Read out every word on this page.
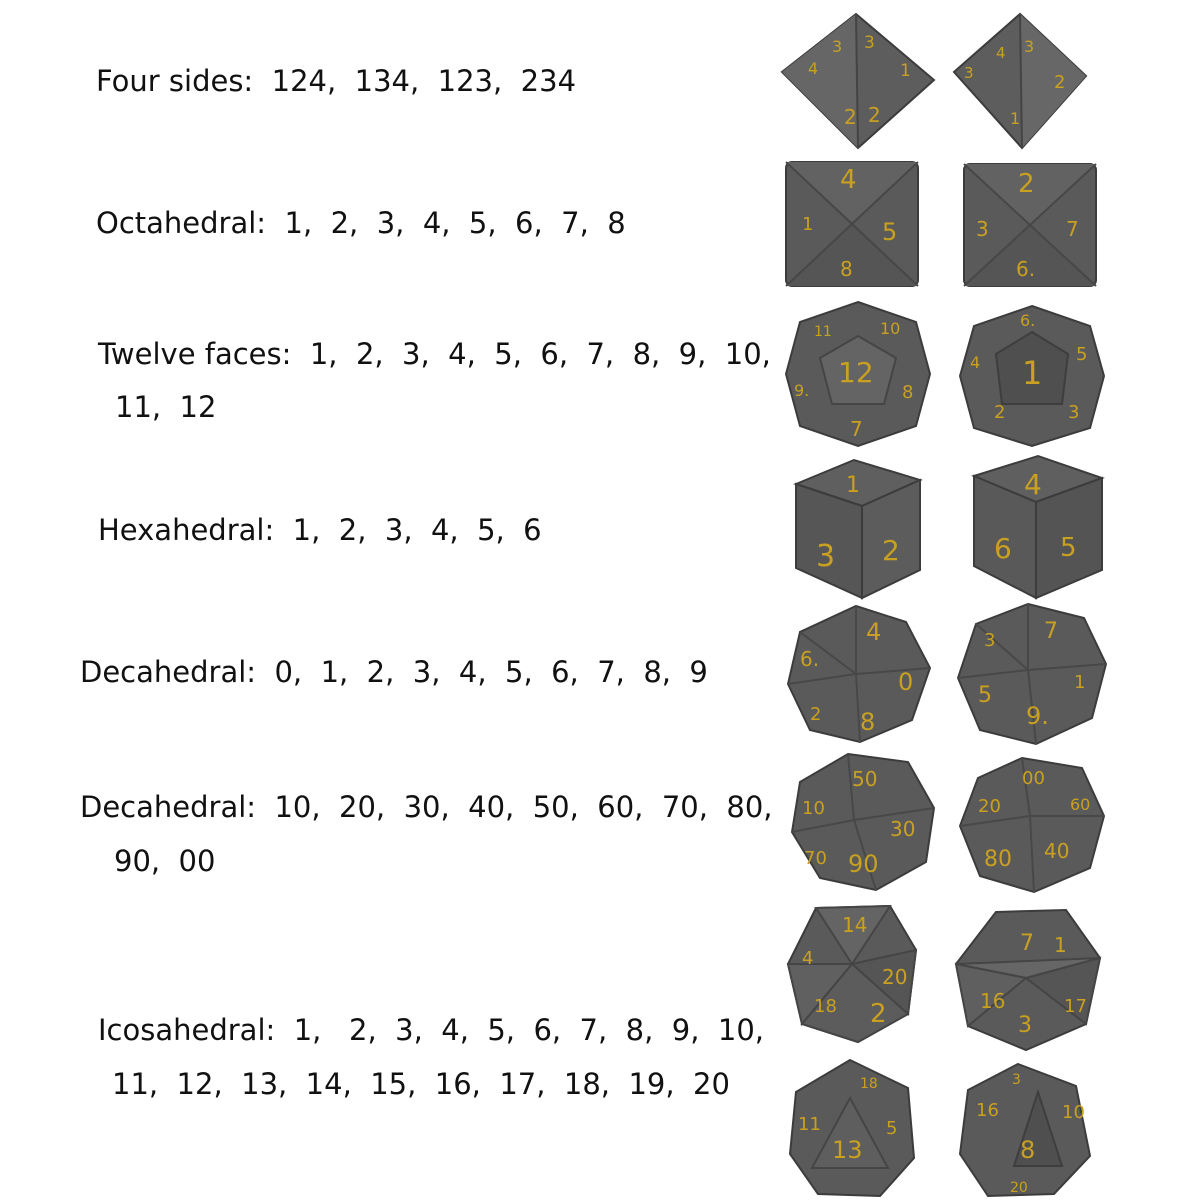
Four sides:  124,  134,  123,  234
Octahedral:  1,  2,  3,  4,  5,  6,  7,  8
Twelve faces:  1,  2,  3,  4,  5,  6,  7,  8,  9,  10,
11,  12
Hexahedral:  1,  2,  3,  4,  5,  6
Decahedral:  0,  1,  2,  3,  4,  5,  6,  7,  8,  9
Decahedral:  10,  20,  30,  40,  50,  60,  70,  80,
90,  00
Icosahedral:  1,   2,  3,  4,  5,  6,  7,  8,  9,  10,
11,  12,  13,  14,  15,  16,  17,  18,  19,  20
4
3 3
1
2 2
3
4 3
2
1
4
1	5
8
2
3	7
6.
12
11	10
8
7
9.	1
6.
5
3
2
4
1
3 2
4
6 5
4
6.
0
2 8
7
3
1
5
9.
50
10
30
70 90
00
20	60
80 40
14
4
20
18 2
7 1
16	17
3
13
11	5
18
8
16	10
3
20
